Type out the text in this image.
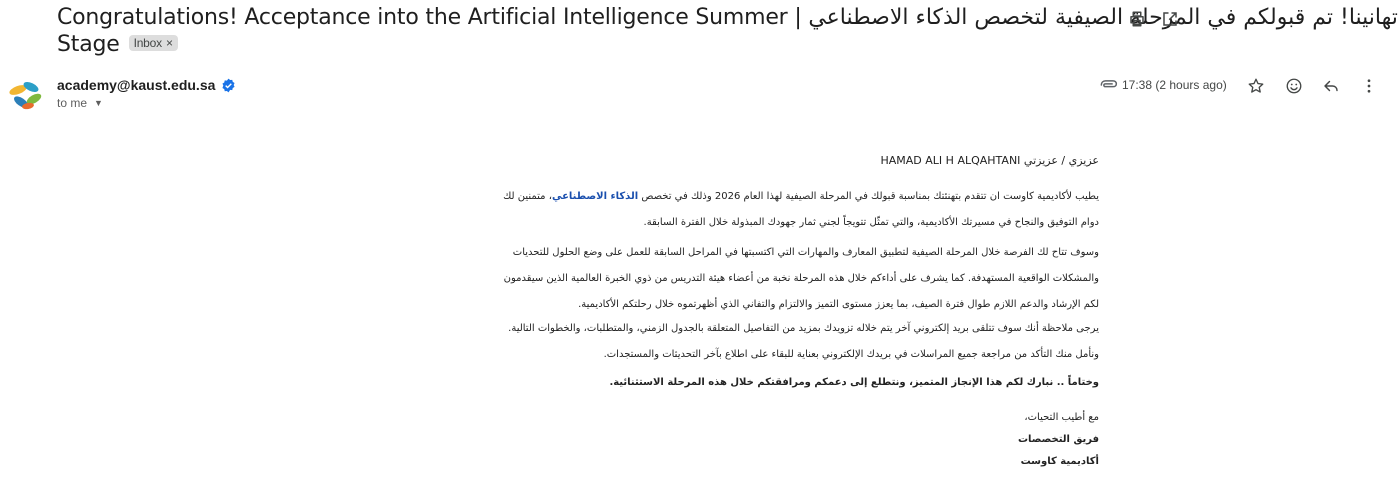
Congratulations! Acceptance into the Artificial Intelligence Summer | تهانينا! تم قبولكم في المرحلة الصيفية لتخصص الذكاء الاصطناعي
Stage Inbox ×
academy@kaust.edu.sa
to me ▼
17:38 (2 hours ago)
عزيزي / عزيزتي HAMAD ALI H ALQAHTANI
يطيب لأكاديمية كاوست ان تتقدم بتهنئتك بمناسبة قبولك في المرحلة الصيفية لهذا العام 2026 وذلك في تخصص الذكاء الاصطناعي، متمنين لك
دوام التوفيق والنجاح في مسيرتك الأكاديمية، والتي تمثّل تتويجاً لجني ثمار جهودك المبذولة خلال الفترة السابقة.
وسوف تتاح لك الفرصة خلال المرحلة الصيفية لتطبيق المعارف والمهارات التي اكتسبتها في المراحل السابقة للعمل على وضع الحلول للتحديات
والمشكلات الواقعية المستهدفة. كما يشرف على أداءكم خلال هذه المرحلة نخبة من أعضاء هيئة التدريس من ذوي الخبرة العالمية الذين سيقدمون
لكم الإرشاد والدعم اللازم طوال فترة الصيف، بما يعزز مستوى التميز والالتزام والتفاني الذي أظهرتموه خلال رحلتكم الأكاديمية.
يرجى ملاحظة أنك سوف تتلقى بريد إلكتروني آخر يتم خلاله تزويدك بمزيد من التفاصيل المتعلقة بالجدول الزمني، والمتطلبات، والخطوات التالية.
ونأمل منك التأكد من مراجعة جميع المراسلات في بريدك الإلكتروني بعناية للبقاء على اطلاع بآخر التحديثات والمستجدات.
وختاماً .. نبارك لكم هذا الإنجاز المتميز، ونتطلع إلى دعمكم ومرافقتكم خلال هذه المرحلة الاستثنائية.
مع أطيب التحيات،
فريق التخصصات
أكاديمية كاوست
